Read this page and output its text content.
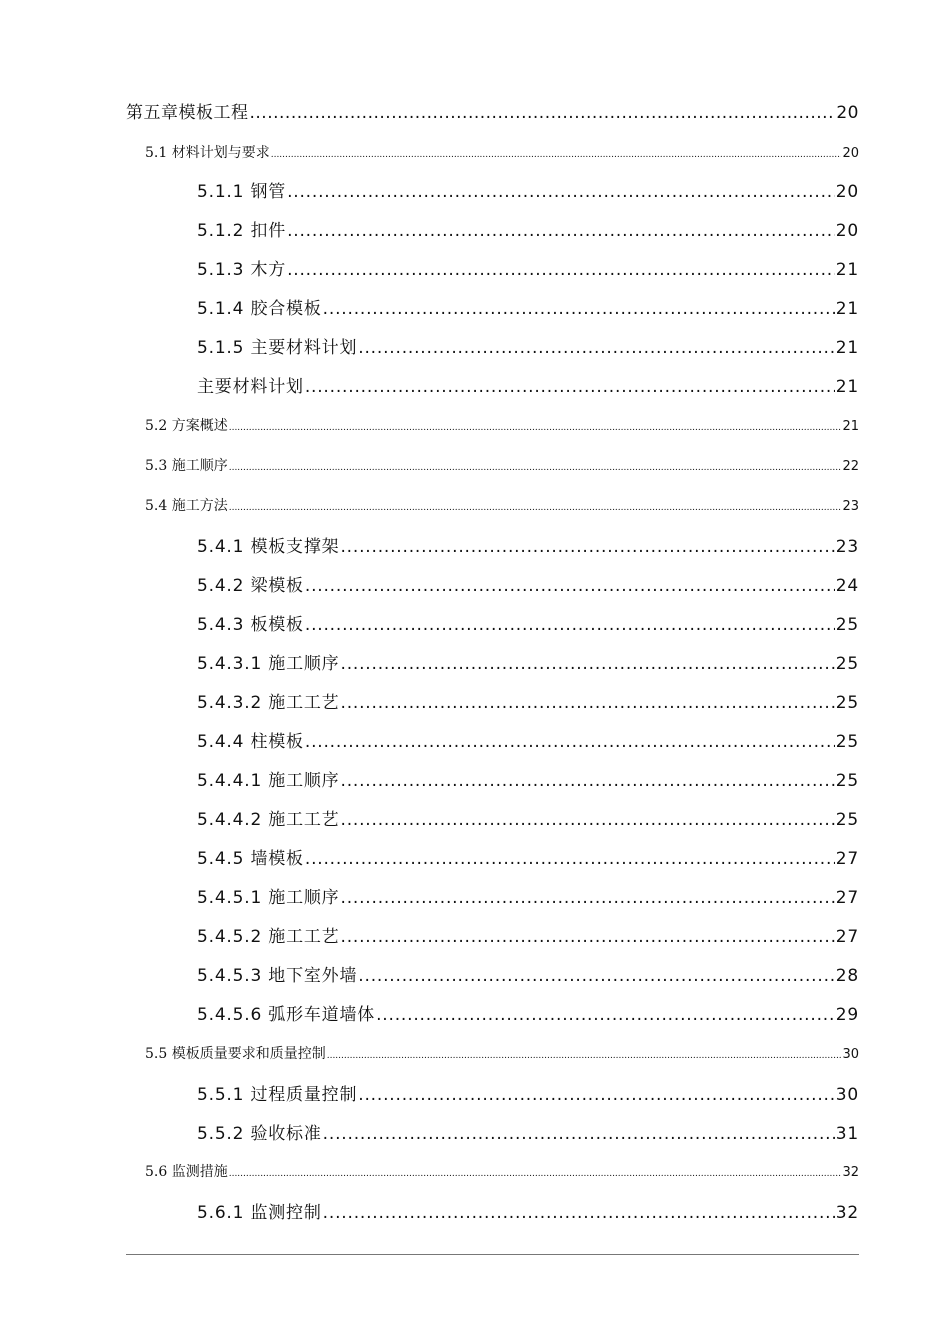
第五章模板工程 .....	20
5.1 材料计划与要求 .....	20
5.1.1 钢管 .....	20
5.1.2 扣件 .....	20
5.1.3 木方 .....	21
5.1.4 胶合模板 .....	21
5.1.5 主要材料计划 .....	21
主要材料计划 .....	21
5.2 方案概述 .....	21
5.3 施工顺序 .....	22
5.4 施工方法 .....	23
5.4.1 模板支撑架 .....	23
5.4.2 梁模板 .....	24
5.4.3 板模板 .....	25
5.4.3.1 施工顺序 .....	25
5.4.3.2 施工工艺 .....	25
5.4.4 柱模板 .....	25
5.4.4.1 施工顺序 .....	25
5.4.4.2 施工工艺 .....	25
5.4.5 墙模板 .....	27
5.4.5.1 施工顺序 .....	27
5.4.5.2 施工工艺 .....	27
5.4.5.3 地下室外墙 .....	28
5.4.5.6 弧形车道墙体 .....	29
5.5 模板质量要求和质量控制 .....	30
5.5.1 过程质量控制 .....	30
5.5.2 验收标准 .....	31
5.6 监测措施 .....	32
5.6.1 监测控制 .....	32
